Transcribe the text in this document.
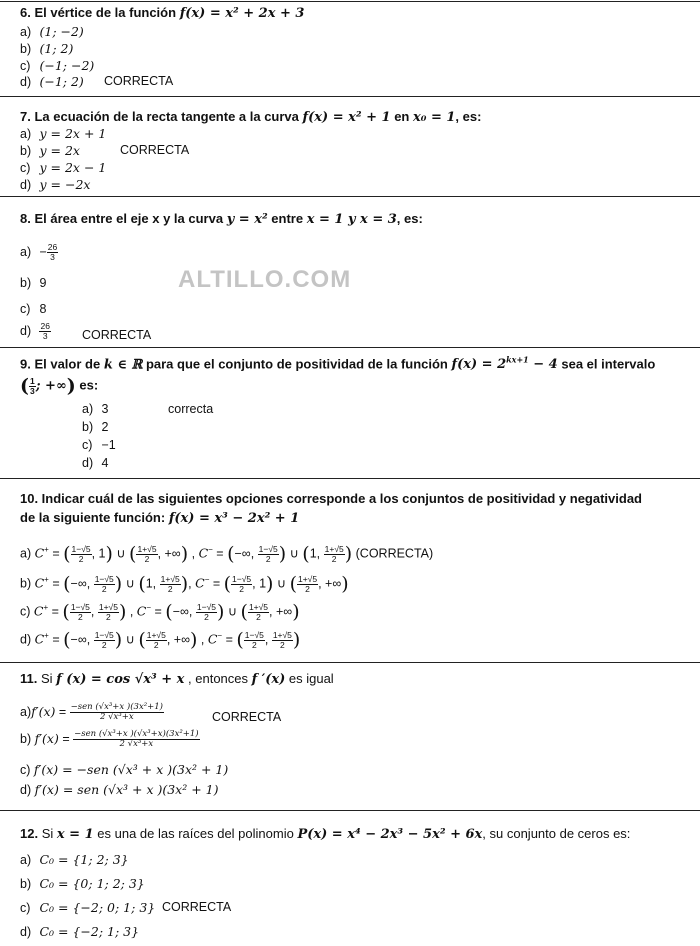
6. El vértice de la función f(x) = x² + 2x + 3
a) (1; −2)
b) (1; 2)
c) (−1; −2)
d) (−1; 2) CORRECTA
7. La ecuación de la recta tangente a la curva f(x) = x² + 1 en x₀ = 1, es:
a) y = 2x + 1
b) y = 2x	CORRECTA
c) y = 2x − 1
d) y = −2x
8. El área entre el eje x y la curva y = x² entre x = 1 y x = 3, es:
$a) - \frac{26}{3}$
ALTILLO.COM
b) 9
c) 8
$d) \frac{26}{3}$ CORRECTA
9. El valor de k ∈ ℝ para que el conjunto de positividad de la función $f(x) = 2^{kx+1} - 4$ sea el intervalo
( $\frac{1}{3}$ ; +∞) es:
a) 3	correcta
b) 2
c) −1
d) 4
10. Indicar cuál de las siguientes opciones corresponde a los conjuntos de positividad y negatividad
de la siguiente función: f(x) = x³ − 2x² + 1
a) C+ = ( $\frac{1-√5}{2}$ , 1) ∪ ( $\frac{1+√5}{2}$ , +∞) , C− = (−∞, $\frac{1-√5}{2}$ ) ∪ (1, $\frac{1+√5}{2}$ ) (CORRECTA)
b) C+ = (−∞, $\frac{1-√5}{2}$ ) ∪ (1, $\frac{1+√5}{2}$ ), C− = ( $\frac{1-√5}{2}$ , 1) ∪ ( $\frac{1+√5}{2}$ , +∞)
c) C+ = ( $\frac{1-√5}{2}$ , $\frac{1+√5}{2}$ ) , C− = (−∞, $\frac{1-√5}{2}$ ) ∪ ( $\frac{1+√5}{2}$ , +∞)
d) C+ = (−∞, $\frac{1-√5}{2}$ ) ∪ ( $\frac{1+√5}{2}$ , +∞) , C− = ( $\frac{1-√5}{2}$ , $\frac{1+√5}{2}$ )
11. Si f (x) = cos √x³ + x , entonces f ′(x) es igual
$a)f'(x) = \frac{\text{−sen (√x³+x )(3x²+1)}}{\text{2 √x³+x}}$	CORRECTA
b) $f'(x) = \frac{\text{−sen (√x³+x )(√x³+x)(3x²+1)}}{\text{2 √x³+x}}$
c) f′(x) = −sen (√x³ + x )(3x² + 1)
d) f′(x) = sen (√x³ + x )(3x² + 1)
12. Si x = 1 es una de las raíces del polinomio P(x) = x⁴ − 2x³ − 5x² + 6x, su conjunto de ceros es:
a) C₀ = {1; 2; 3}
b) C₀ = {0; 1; 2; 3}
c) C₀ = {−2; 0; 1; 3} CORRECTA
d) C₀ = {−2; 1; 3}
